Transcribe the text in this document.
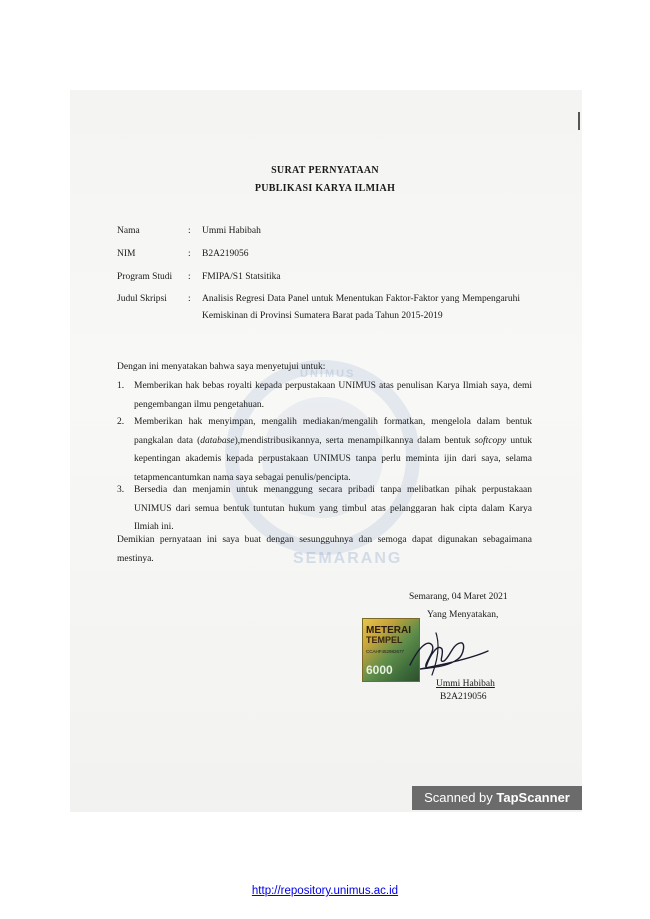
UNIMUS
SEMARANG
SURAT PERNYATAAN
PUBLIKASI KARYA ILMIAH
Nama	: Ummi Habibah
NIM	: B2A219056
Program Studi : FMIPA/S1 Statsitika
Judul Skripsi : Analisis Regresi Data Panel untuk Menentukan Faktor-Faktor yang Mempengaruhi Kemiskinan di Provinsi Sumatera Barat pada Tahun 2015-2019
Dengan ini menyatakan bahwa saya menyetujui untuk:
1. Memberikan hak bebas royalti kepada perpustakaan UNIMUS atas penulisan Karya Ilmiah saya, demi pengembangan ilmu pengetahuan.
2. Memberikan hak menyimpan, mengalih mediakan/mengalih formatkan, mengelola dalam bentuk pangkalan data (database),mendistribusikannya, serta menampilkannya dalam bentuk softcopy untuk kepentingan akademis kepada perpustakaan UNIMUS tanpa perlu meminta ijin dari saya, selama tetapmencantumkan nama saya sebagai penulis/pencipta.
3. Bersedia dan menjamin untuk menanggung secara pribadi tanpa melibatkan pihak perpustakaan UNIMUS dari semua bentuk tuntutan hukum yang timbul atas pelanggaran hak cipta dalam Karya Ilmiah ini.
Demikian pernyataan ini saya buat dengan sesungguhnya dan semoga dapat digunakan sebagaimana mestinya.
Semarang, 04 Maret 2021
Yang Menyatakan,
METERAI
TEMPEL
CCAHF452982677
6000
Ummi Habibah
B2A219056
Scanned by TapScanner
http://repository.unimus.ac.id
